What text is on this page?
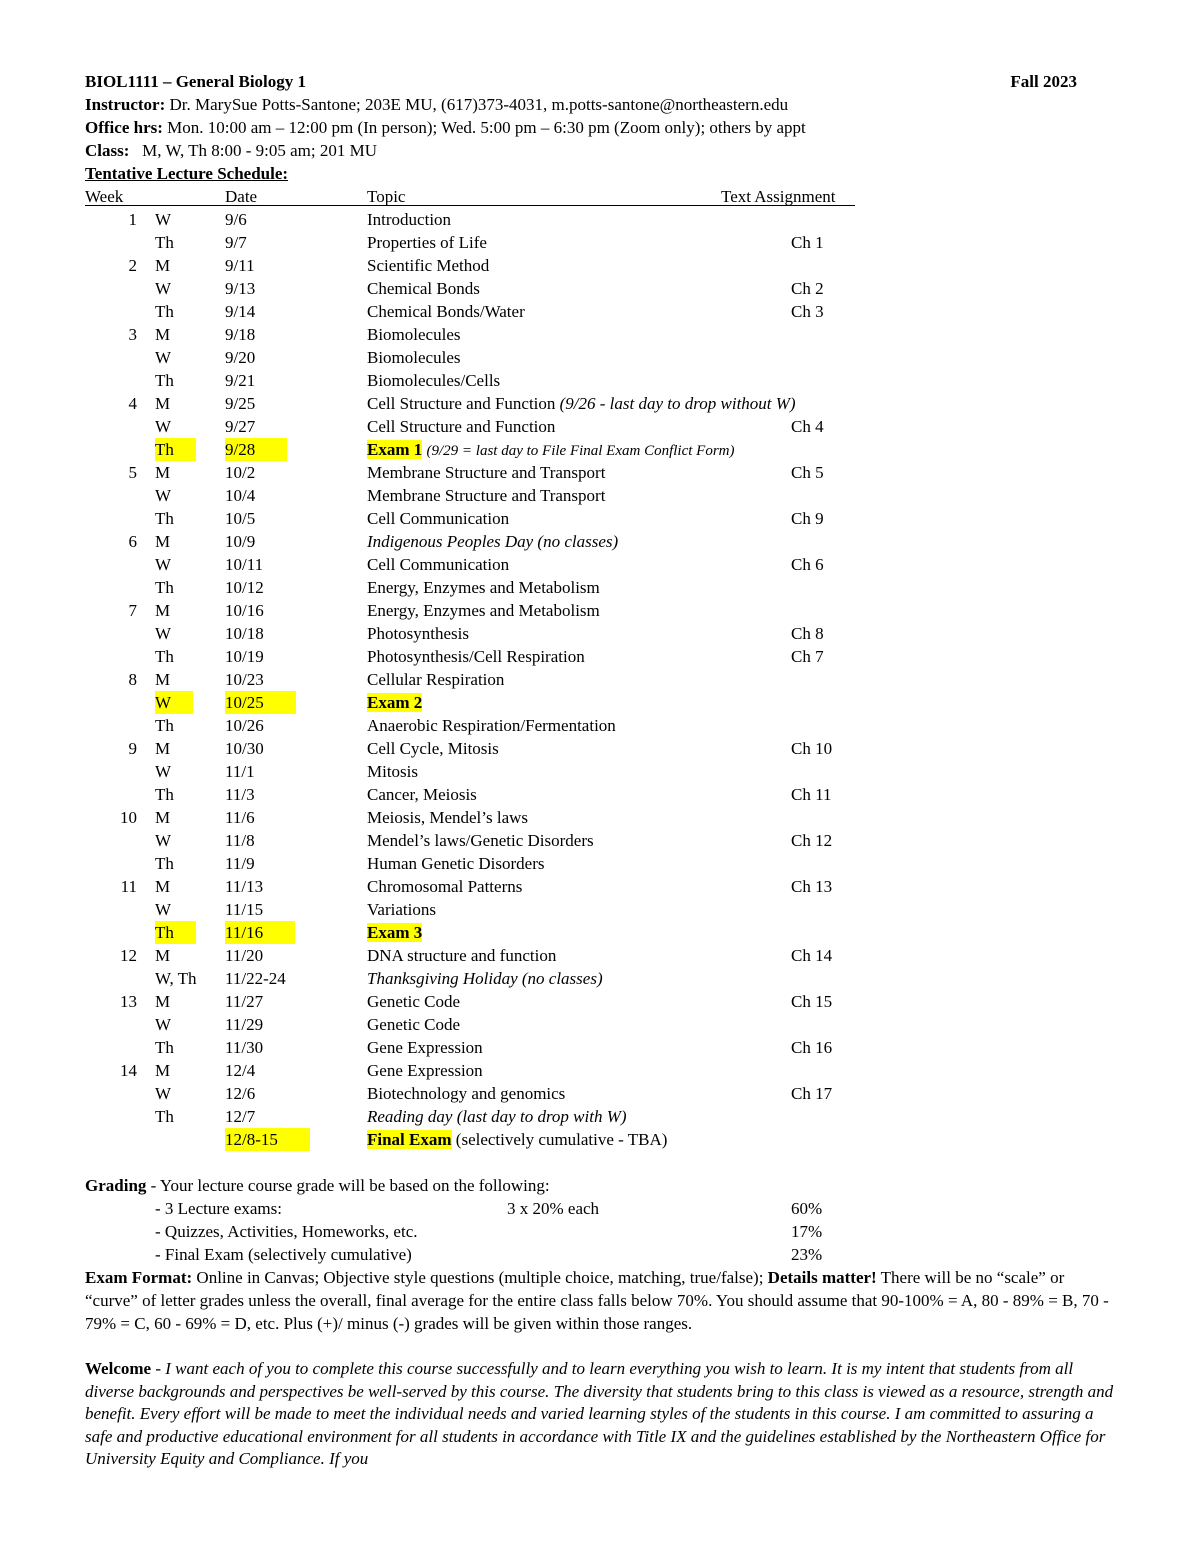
BIOL1111 – General Biology 1	Fall 2023
Instructor: Dr. MarySue Potts-Santone; 203E MU, (617)373-4031, m.potts-santone@northeastern.edu
Office hrs: Mon. 10:00 am – 12:00 pm (In person); Wed. 5:00 pm – 6:30 pm (Zoom only); others by appt
Class: M, W, Th 8:00 - 9:05 am; 201 MU
Tentative Lecture Schedule:
Week	Date	Topic	Text Assignment
1 W	9/6	Introduction
Th	9/7	Properties of Life	Ch 1
2 M	9/11	Scientific Method
W	9/13	Chemical Bonds	Ch 2
Th	9/14	Chemical Bonds/Water	Ch 3
3 M	9/18	Biomolecules
W	9/20	Biomolecules
Th	9/21	Biomolecules/Cells
4 M	9/25	Cell Structure and Function (9/26 - last day to drop without W)
W	9/27	Cell Structure and Function	Ch 4
Th	9/28	Exam 1 (9/29 = last day to File Final Exam Conflict Form)
5 M	10/2	Membrane Structure and Transport	Ch 5
W	10/4	Membrane Structure and Transport
Th	10/5	Cell Communication	Ch 9
6 M	10/9	Indigenous Peoples Day (no classes)
W	10/11	Cell Communication	Ch 6
Th	10/12	Energy, Enzymes and Metabolism
7 M	10/16	Energy, Enzymes and Metabolism
W	10/18	Photosynthesis	Ch 8
Th	10/19	Photosynthesis/Cell Respiration	Ch 7
8 M	10/23	Cellular Respiration
W	10/25	Exam 2
Th	10/26	Anaerobic Respiration/Fermentation
9 M	10/30	Cell Cycle, Mitosis	Ch 10
W	11/1	Mitosis
Th	11/3	Cancer, Meiosis	Ch 11
10 M	11/6	Meiosis, Mendel’s laws
W	11/8	Mendel’s laws/Genetic Disorders	Ch 12
Th	11/9	Human Genetic Disorders
11 M	11/13	Chromosomal Patterns	Ch 13
W	11/15	Variations
Th	11/16	Exam 3
12 M	11/20	DNA structure and function	Ch 14
W, Th 11/22-24	Thanksgiving Holiday (no classes)
13 M	11/27	Genetic Code	Ch 15
W	11/29	Genetic Code
Th	11/30	Gene Expression	Ch 16
14 M	12/4	Gene Expression
W	12/6	Biotechnology and genomics	Ch 17
Th	12/7	Reading day (last day to drop with W)
12/8-15	Final Exam (selectively cumulative - TBA)
Grading - Your lecture course grade will be based on the following:
- 3 Lecture exams:	3 x 20% each	60%
- Quizzes, Activities, Homeworks, etc.	17%
- Final Exam (selectively cumulative)	23%
Exam Format: Online in Canvas; Objective style questions (multiple choice, matching, true/false); Details matter! There will be no “scale” or “curve” of letter grades unless the overall, final average for the entire class falls below 70%. You should assume that 90-100% = A, 80 - 89% = B, 70 - 79% = C, 60 - 69% = D, etc. Plus (+)/ minus (-) grades will be given within those ranges.
Welcome - I want each of you to complete this course successfully and to learn everything you wish to learn. It is my intent that students from all diverse backgrounds and perspectives be well-served by this course. The diversity that students bring to this class is viewed as a resource, strength and benefit. Every effort will be made to meet the individual needs and varied learning styles of the students in this course. I am committed to assuring a safe and productive educational environment for all students in accordance with Title IX and the guidelines established by the Northeastern Office for University Equity and Compliance. If you
